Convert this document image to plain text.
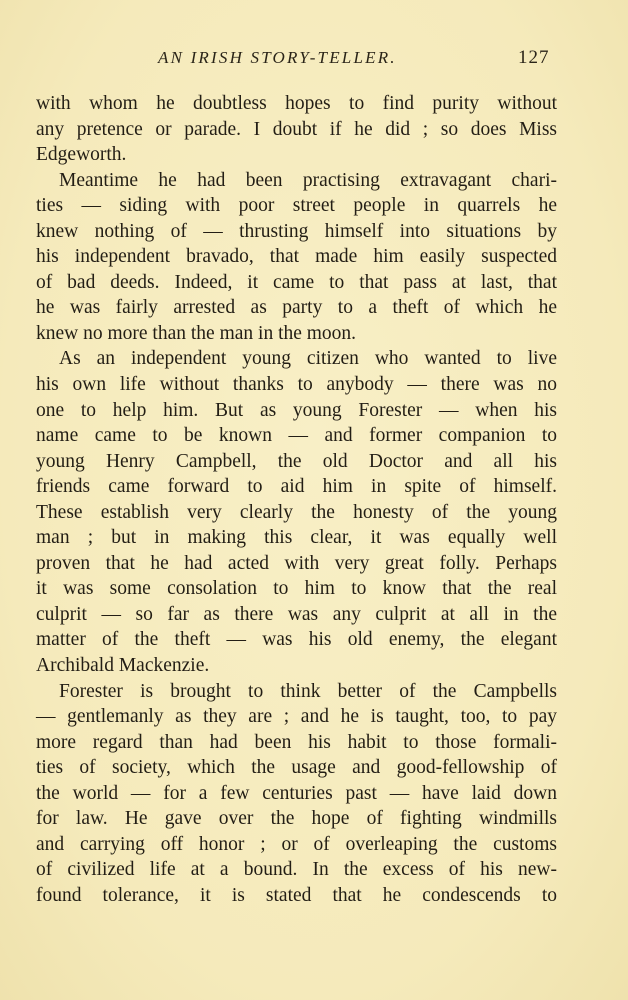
AN IRISH STORY-TELLER.	127
with whom he doubtless hopes to find purity without
any pretence or parade. I doubt if he did ; so does Miss
Edgeworth.
Meantime he had been practising extravagant chari-
ties — siding with poor street people in quarrels he
knew nothing of — thrusting himself into situations by
his independent bravado, that made him easily suspected
of bad deeds. Indeed, it came to that pass at last, that
he was fairly arrested as party to a theft of which he
knew no more than the man in the moon.
As an independent young citizen who wanted to live
his own life without thanks to anybody — there was no
one to help him. But as young Forester — when his
name came to be known — and former companion to
young Henry Campbell, the old Doctor and all his
friends came forward to aid him in spite of himself.
These establish very clearly the honesty of the young
man ; but in making this clear, it was equally well
proven that he had acted with very great folly. Perhaps
it was some consolation to him to know that the real
culprit — so far as there was any culprit at all in the
matter of the theft — was his old enemy, the elegant
Archibald Mackenzie.
Forester is brought to think better of the Campbells
— gentlemanly as they are ; and he is taught, too, to pay
more regard than had been his habit to those formali-
ties of society, which the usage and good-fellowship of
the world — for a few centuries past — have laid down
for law. He gave over the hope of fighting windmills
and carrying off honor ; or of overleaping the customs
of civilized life at a bound. In the excess of his new-
found tolerance, it is stated that he condescends to
